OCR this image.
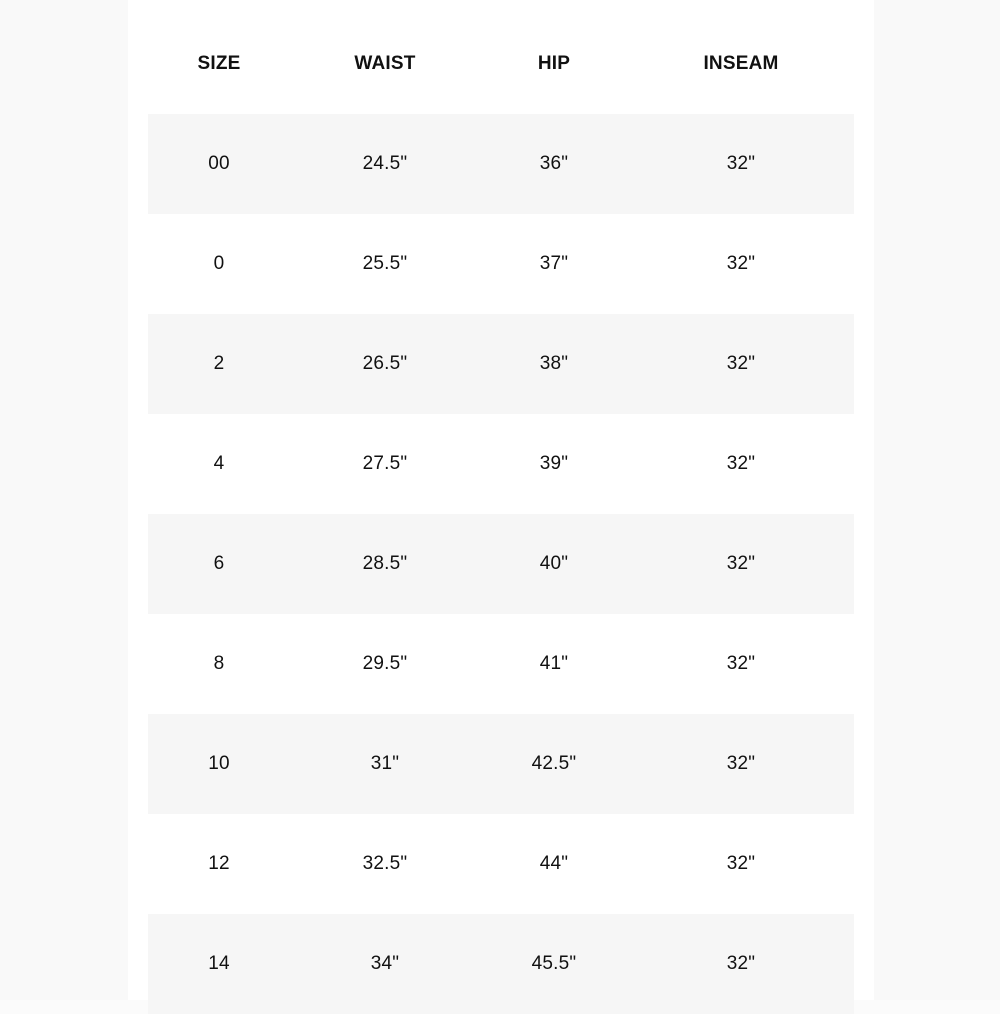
SIZE	WAIST	HIP	INSEAM
00	24.5"	36"	32"
0	25.5"	37"	32"
2	26.5"	38"	32"
4	27.5"	39"	32"
6	28.5"	40"	32"
8	29.5"	41"	32"
10	31"	42.5"	32"
12	32.5"	44"	32"
14	34"	45.5"	32"
